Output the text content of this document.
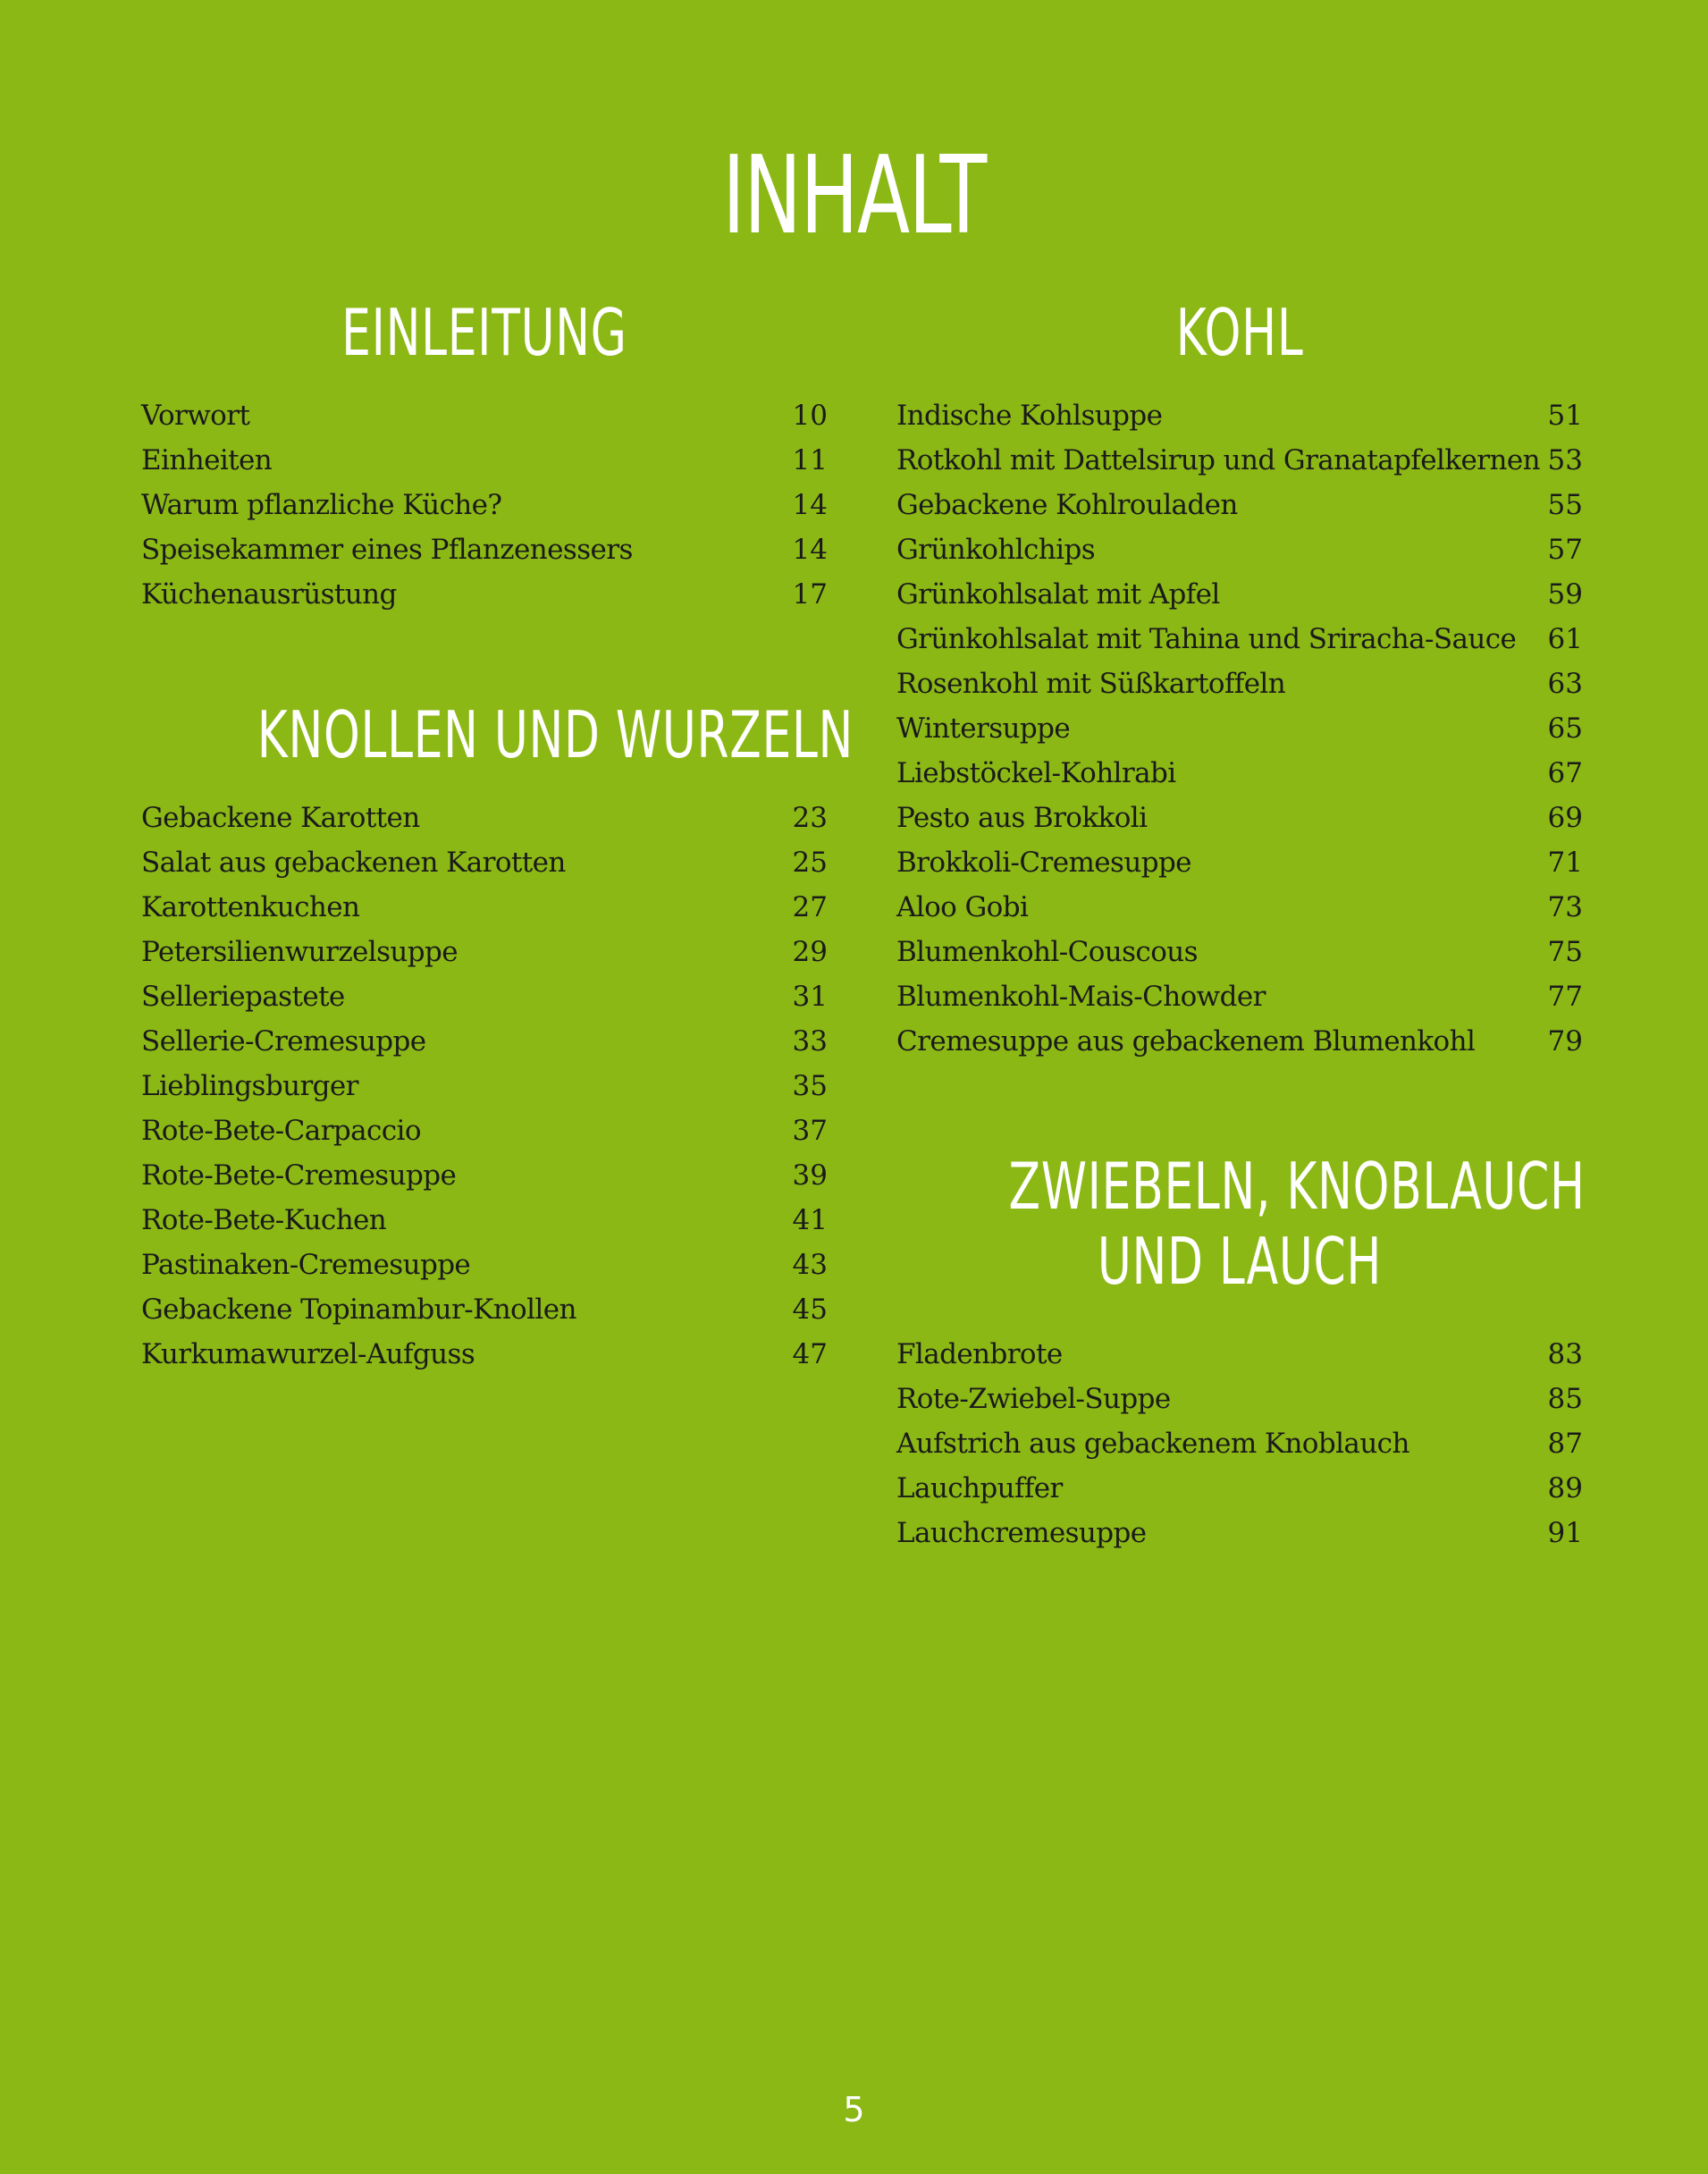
INHALT
EINLEITUNG
Vorwort	10
Einheiten	11
Warum pflanzliche Küche?	14
Speisekammer eines Pflanzenessers	14
Küchenausrüstung	17
KNOLLEN UND WURZELN
Gebackene Karotten	23
Salat aus gebackenen Karotten	25
Karottenkuchen	27
Petersilienwurzelsuppe	29
Selleriepastete	31
Sellerie-Cremesuppe	33
Lieblingsburger	35
Rote-Bete-Carpaccio	37
Rote-Bete-Cremesuppe	39
Rote-Bete-Kuchen	41
Pastinaken-Cremesuppe	43
Gebackene Topinambur-Knollen	45
Kurkumawurzel-Aufguss	47
KOHL
Indische Kohlsuppe	51
Rotkohl mit Dattelsirup und Granatapfelkernen 53
Gebackene Kohlrouladen	55
Grünkohlchips	57
Grünkohlsalat mit Apfel	59
Grünkohlsalat mit Tahina und Sriracha-Sauce 61
Rosenkohl mit Süßkartoffeln	63
Wintersuppe	65
Liebstöckel-Kohlrabi	67
Pesto aus Brokkoli	69
Brokkoli-Cremesuppe	71
Aloo Gobi	73
Blumenkohl-Couscous	75
Blumenkohl-Mais-Chowder	77
Cremesuppe aus gebackenem Blumenkohl	79
ZWIEBELN, KNOBLAUCH
UND LAUCH
Fladenbrote	83
Rote-Zwiebel-Suppe	85
Aufstrich aus gebackenem Knoblauch	87
Lauchpuffer	89
Lauchcremesuppe	91
5
